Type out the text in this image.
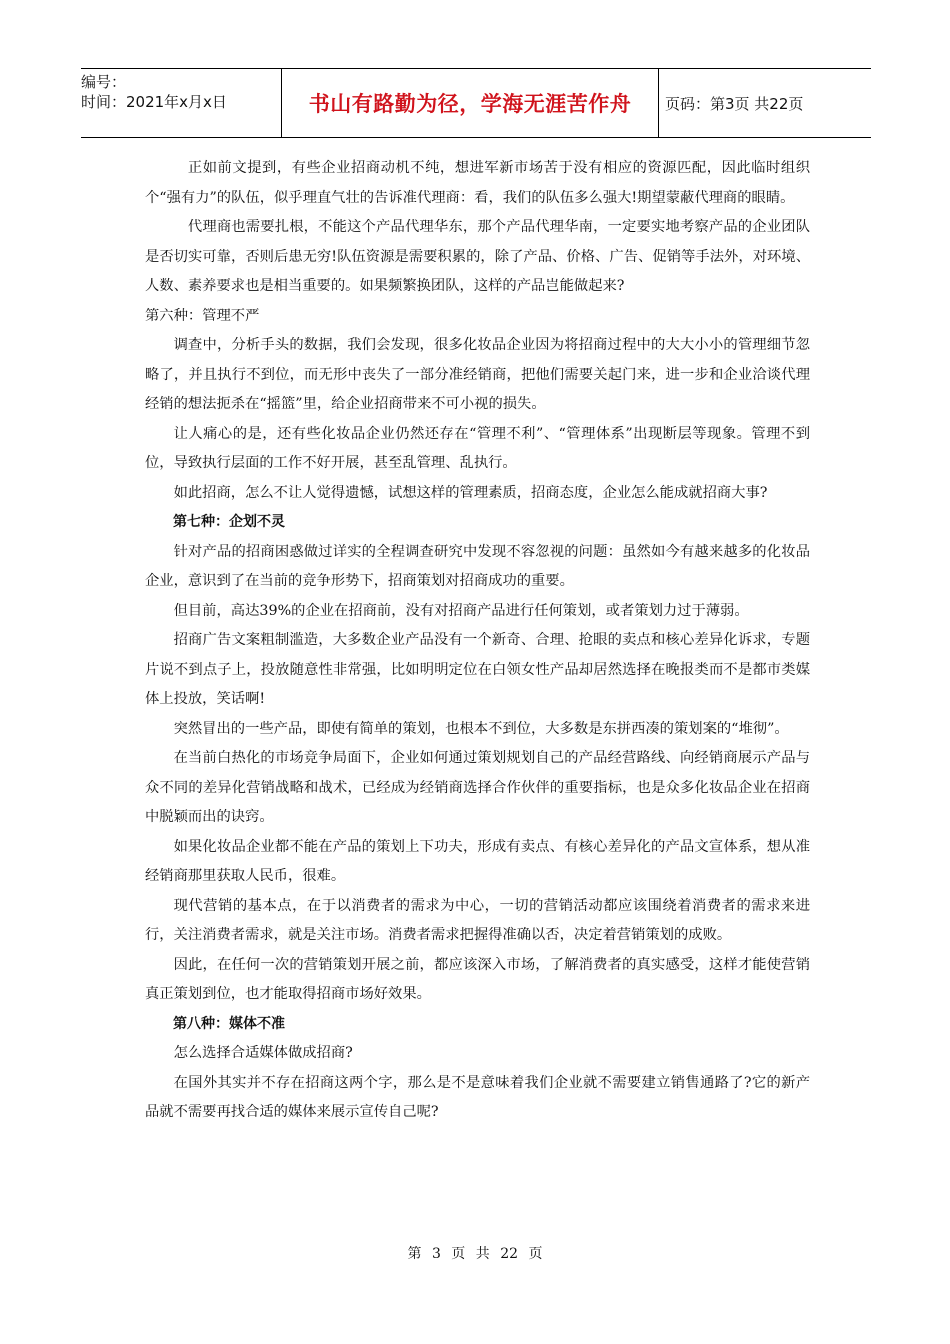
编号：
时间：2021年x月x日	书山有路勤为径，学海无涯苦作舟	页码：第3页 共22页

正如前文提到，有些企业招商动机不纯，想进军新市场苦于没有相应的资源匹配，因此临时组织个“强有力”的队伍，似乎理直气壮的告诉准代理商：看，我们的队伍多么强大!期望蒙蔽代理商的眼睛。

代理商也需要扎根，不能这个产品代理华东，那个产品代理华南，一定要实地考察产品的企业团队是否切实可靠，否则后患无穷!队伍资源是需要积累的，除了产品、价格、广告、促销等手法外，对环境、人数、素养要求也是相当重要的。如果频繁换团队，这样的产品岂能做起来?

第六种：管理不严

调查中，分析手头的数据，我们会发现，很多化妆品企业因为将招商过程中的大大小小的管理细节忽略了，并且执行不到位，而无形中丧失了一部分准经销商，把他们需要关起门来，进一步和企业洽谈代理经销的想法扼杀在“摇篮”里，给企业招商带来不可小视的损失。

让人痛心的是，还有些化妆品企业仍然还存在“管理不利”、“管理体系”出现断层等现象。管理不到位，导致执行层面的工作不好开展，甚至乱管理、乱执行。

如此招商，怎么不让人觉得遗憾，试想这样的管理素质，招商态度，企业怎么能成就招商大事?

第七种：企划不灵

针对产品的招商困惑做过详实的全程调查研究中发现不容忽视的问题：虽然如今有越来越多的化妆品企业，意识到了在当前的竞争形势下，招商策划对招商成功的重要。

但目前，高达39%的企业在招商前，没有对招商产品进行任何策划，或者策划力过于薄弱。

招商广告文案粗制滥造，大多数企业产品没有一个新奇、合理、抢眼的卖点和核心差异化诉求，专题片说不到点子上，投放随意性非常强，比如明明定位在白领女性产品却居然选择在晚报类而不是都市类媒体上投放，笑话啊!

突然冒出的一些产品，即使有简单的策划，也根本不到位，大多数是东拼西凑的策划案的“堆彻”。

在当前白热化的市场竞争局面下，企业如何通过策划规划自己的产品经营路线、向经销商展示产品与众不同的差异化营销战略和战术，已经成为经销商选择合作伙伴的重要指标，也是众多化妆品企业在招商中脱颖而出的诀窍。

如果化妆品企业都不能在产品的策划上下功夫，形成有卖点、有核心差异化的产品文宣体系，想从准经销商那里获取人民币，很难。

现代营销的基本点，在于以消费者的需求为中心，一切的营销活动都应该围绕着消费者的需求来进行，关注消费者需求，就是关注市场。消费者需求把握得准确以否，决定着营销策划的成败。

因此，在任何一次的营销策划开展之前，都应该深入市场，了解消费者的真实感受，这样才能使营销真正策划到位，也才能取得招商市场好效果。

第八种：媒体不准

怎么选择合适媒体做成招商?

在国外其实并不存在招商这两个字，那么是不是意味着我们企业就不需要建立销售通路了?它的新产品就不需要再找合适的媒体来展示宣传自己呢?

第 3 页 共 22 页
